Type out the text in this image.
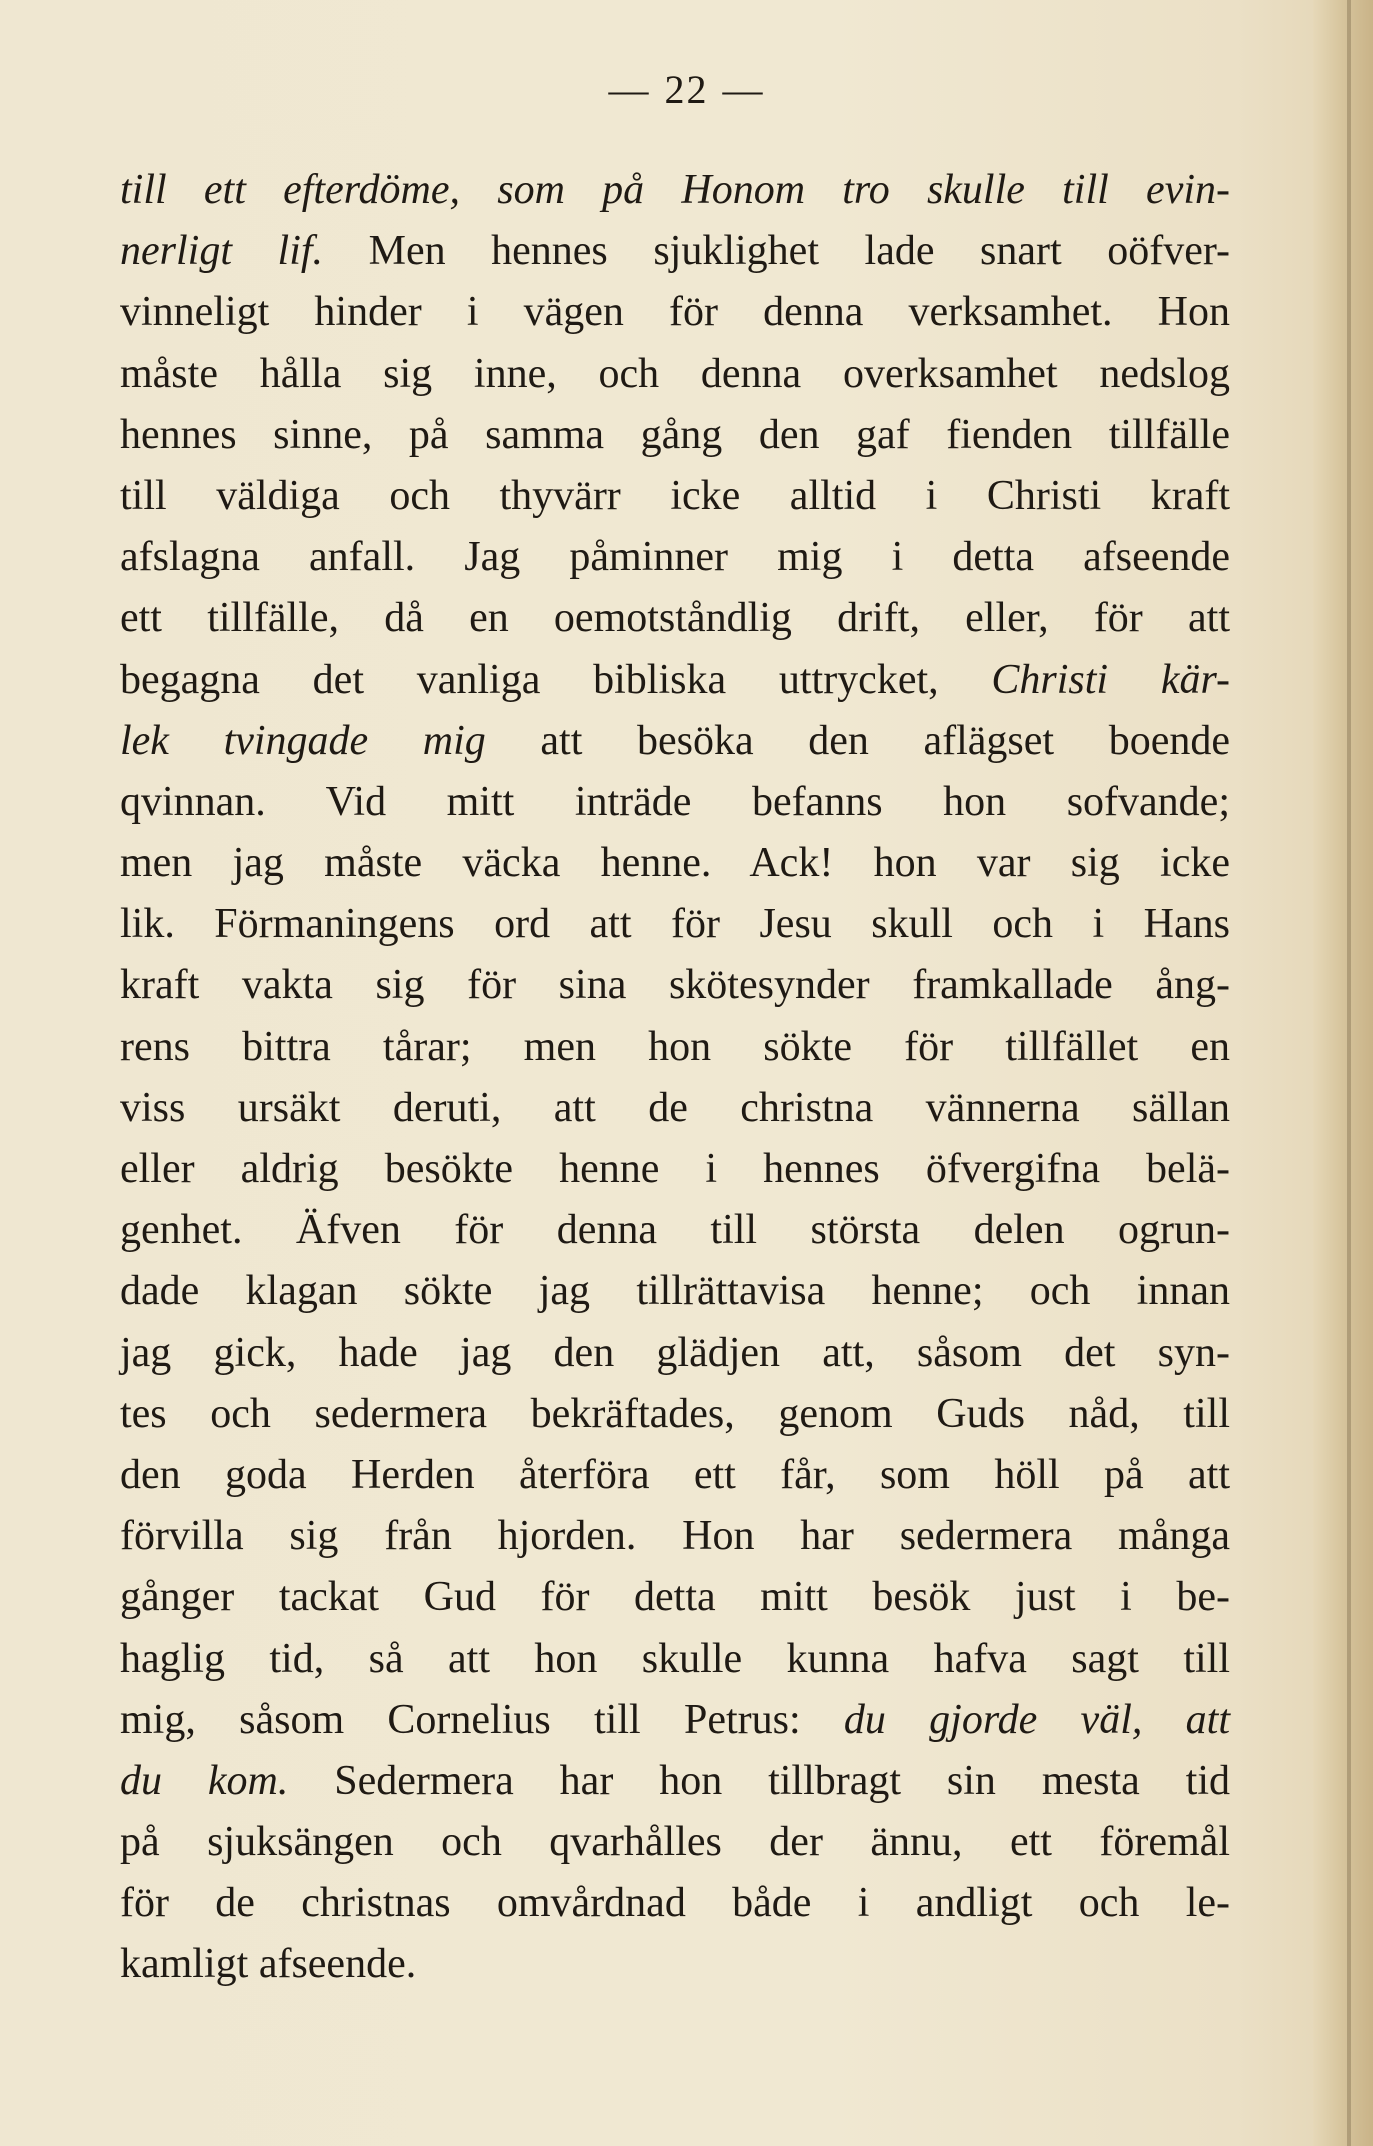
— 22 —
till ett efterdöme, som på Honom tro skulle till evin-
nerligt lif. Men hennes sjuklighet lade snart oöfver-
vinneligt hinder i vägen för denna verksamhet. Hon
måste hålla sig inne, och denna overksamhet nedslog
hennes sinne, på samma gång den gaf fienden tillfälle
till väldiga och thyvärr icke alltid i Christi kraft
afslagna anfall. Jag påminner mig i detta afseende
ett tillfälle, då en oemotståndlig drift, eller, för att
begagna det vanliga bibliska uttrycket, Christi kär-
lek tvingade mig att besöka den aflägset boende
qvinnan. Vid mitt inträde befanns hon sofvande;
men jag måste väcka henne. Ack! hon var sig icke
lik. Förmaningens ord att för Jesu skull och i Hans
kraft vakta sig för sina skötesynder framkallade ång-
rens bittra tårar; men hon sökte för tillfället en
viss ursäkt deruti, att de christna vännerna sällan
eller aldrig besökte henne i hennes öfvergifna belä-
genhet. Äfven för denna till största delen ogrun-
dade klagan sökte jag tillrättavisa henne; och innan
jag gick, hade jag den glädjen att, såsom det syn-
tes och sedermera bekräftades, genom Guds nåd, till
den goda Herden återföra ett får, som höll på att
förvilla sig från hjorden. Hon har sedermera många
gånger tackat Gud för detta mitt besök just i be-
haglig tid, så att hon skulle kunna hafva sagt till
mig, såsom Cornelius till Petrus: du gjorde väl, att
du kom. Sedermera har hon tillbragt sin mesta tid
på sjuksängen och qvarhålles der ännu, ett föremål
för de christnas omvårdnad både i andligt och le-
kamligt afseende.
